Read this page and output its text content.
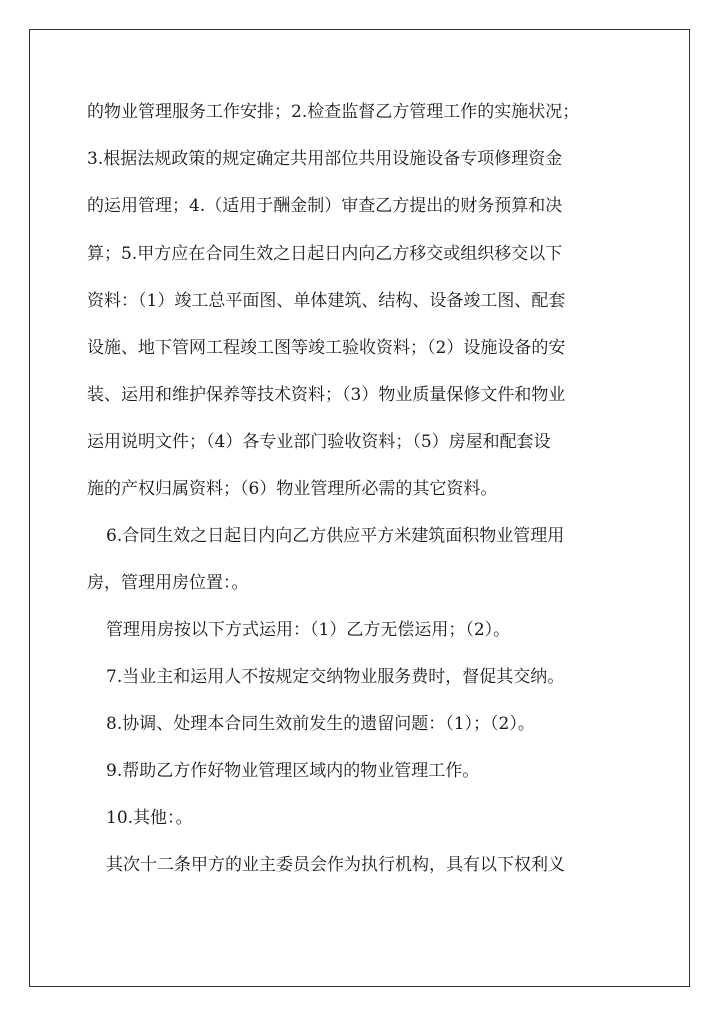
的物业管理服务工作安排；2.检查监督乙方管理工作的实施状况；
3.根据法规政策的规定确定共用部位共用设施设备专项修理资金
的运用管理；4.（适用于酬金制）审查乙方提出的财务预算和决
算；5.甲方应在合同生效之日起日内向乙方移交或组织移交以下
资料：（1）竣工总平面图、单体建筑、结构、设备竣工图、配套
设施、地下管网工程竣工图等竣工验收资料；（2）设施设备的安
装、运用和维护保养等技术资料；（3）物业质量保修文件和物业
运用说明文件；（4）各专业部门验收资料；（5）房屋和配套设
施的产权归属资料；（6）物业管理所必需的其它资料。
6.合同生效之日起日内向乙方供应平方米建筑面积物业管理用
房，管理用房位置：。
管理用房按以下方式运用：（1）乙方无偿运用；（2）。
7.当业主和运用人不按规定交纳物业服务费时，督促其交纳。
8.协调、处理本合同生效前发生的遗留问题：（1）；（2）。
9.帮助乙方作好物业管理区域内的物业管理工作。
10.其他：。
其次十二条甲方的业主委员会作为执行机构，具有以下权利义
